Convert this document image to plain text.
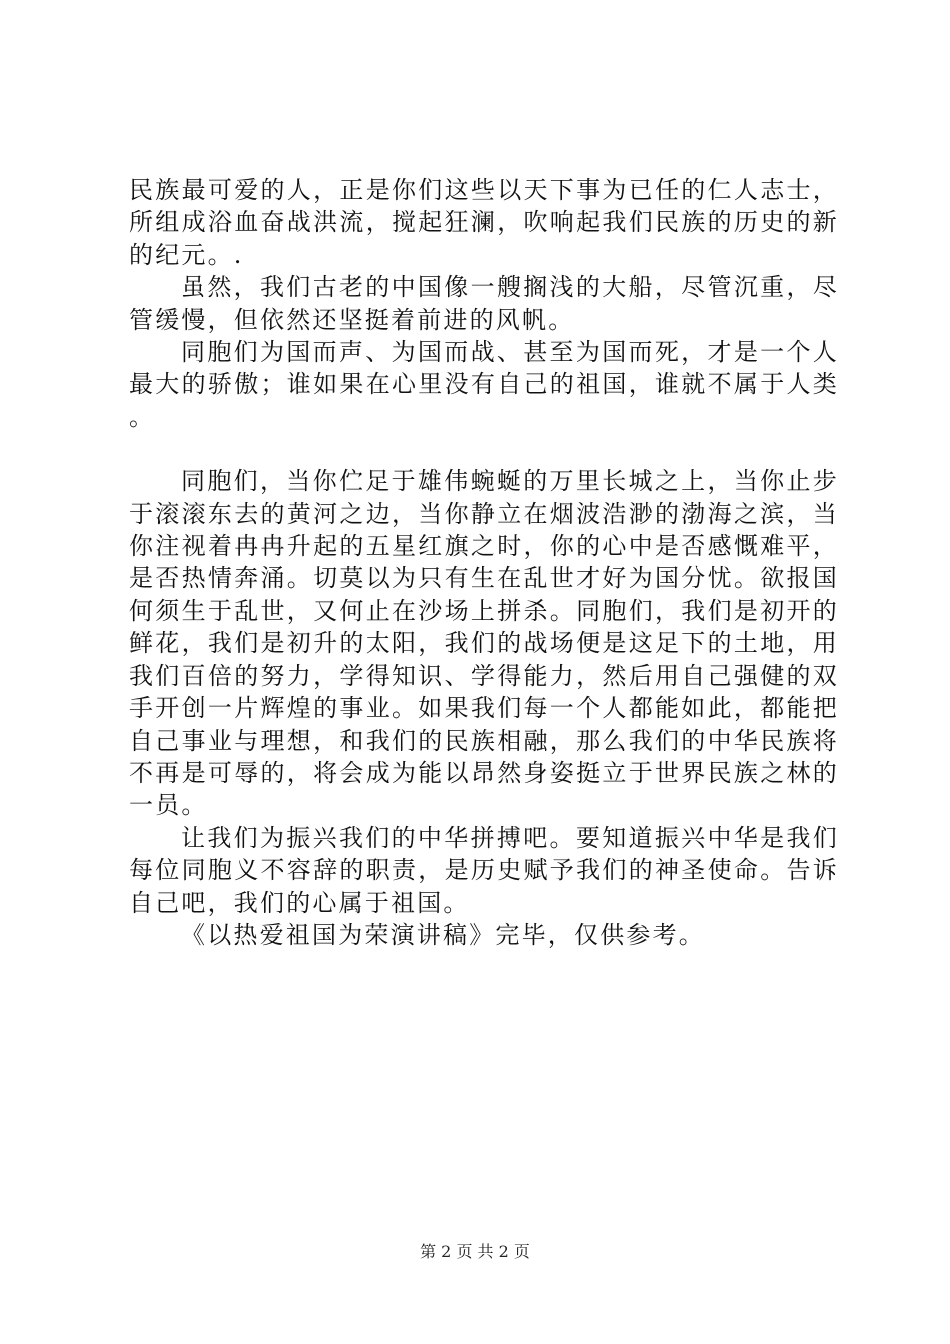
民族最可爱的人，正是你们这些以天下事为已任的仁人志士，所组成浴血奋战洪流，搅起狂澜，吹响起我们民族的历史的新的纪元。.

虽然，我们古老的中国像一艘搁浅的大船，尽管沉重，尽管缓慢，但依然还坚挺着前进的风帆。

同胞们为国而声、为国而战、甚至为国而死，才是一个人最大的骄傲；谁如果在心里没有自己的祖国，谁就不属于人类。

同胞们，当你伫足于雄伟蜿蜒的万里长城之上，当你止步于滚滚东去的黄河之边，当你静立在烟波浩渺的渤海之滨，当你注视着冉冉升起的五星红旗之时，你的心中是否感慨难平，是否热情奔涌。切莫以为只有生在乱世才好为国分忧。欲报国何须生于乱世，又何止在沙场上拼杀。同胞们，我们是初开的鲜花，我们是初升的太阳，我们的战场便是这足下的土地，用我们百倍的努力，学得知识、学得能力，然后用自己强健的双手开创一片辉煌的事业。如果我们每一个人都能如此，都能把自己事业与理想，和我们的民族相融，那么我们的中华民族将不再是可辱的，将会成为能以昂然身姿挺立于世界民族之林的一员。

让我们为振兴我们的中华拼搏吧。要知道振兴中华是我们每位同胞义不容辞的职责，是历史赋予我们的神圣使命。告诉自己吧，我们的心属于祖国。

《以热爱祖国为荣演讲稿》完毕，仅供参考。

第 2 页 共 2 页
